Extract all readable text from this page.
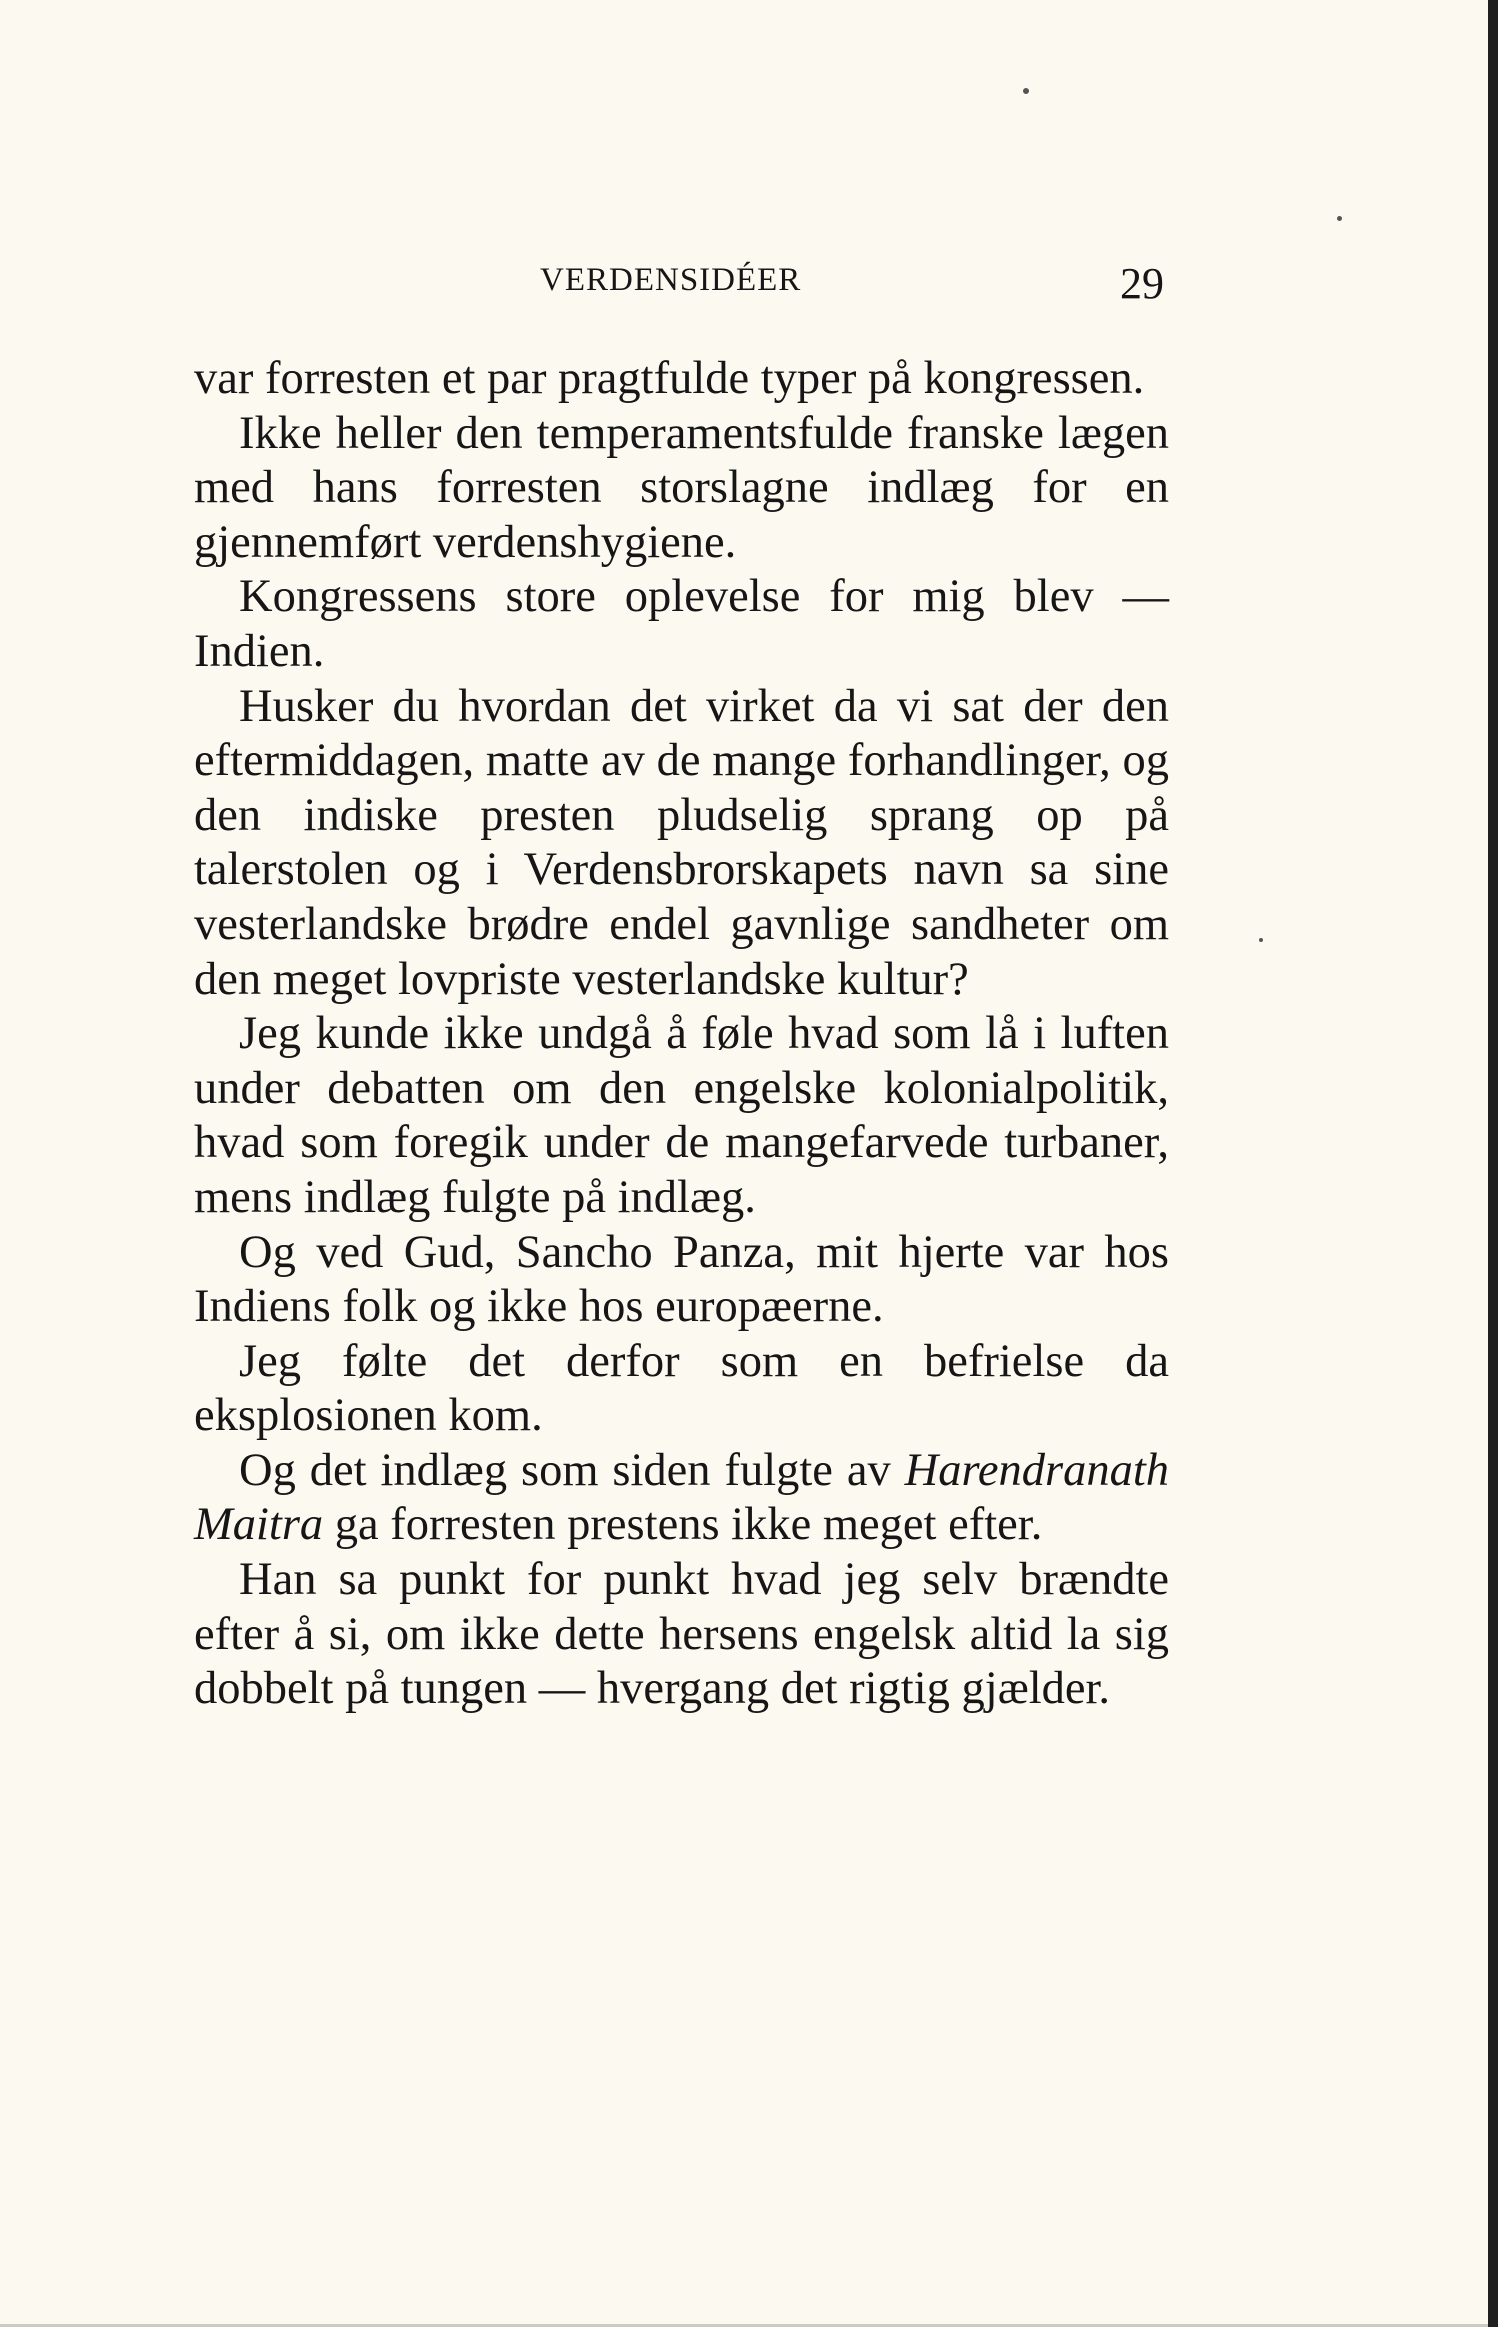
VERDENSIDÉER	29

var forresten et par pragtfulde typer på kongressen.

Ikke heller den temperamentsfulde franske lægen med hans forresten storslagne indlæg for en gjennemført verdenshygiene.

Kongressens store oplevelse for mig blev — Indien.

Husker du hvordan det virket da vi sat der den eftermiddagen, matte av de mange forhandlinger, og den indiske presten pludselig sprang op på talerstolen og i Verdensbrorskapets navn sa sine vesterlandske brødre endel gavnlige sandheter om den meget lovpriste vesterlandske kultur?

Jeg kunde ikke undgå å føle hvad som lå i luften under debatten om den engelske kolonialpolitik, hvad som foregik under de mangefarvede turbaner, mens indlæg fulgte på indlæg.

Og ved Gud, Sancho Panza, mit hjerte var hos Indiens folk og ikke hos europæerne.

Jeg følte det derfor som en befrielse da eksplosionen kom.

Og det indlæg som siden fulgte av Harendranath Maitra ga forresten prestens ikke meget efter.

Han sa punkt for punkt hvad jeg selv brændte efter å si, om ikke dette hersens engelsk altid la sig dobbelt på tungen — hvergang det rigtig gjælder.
